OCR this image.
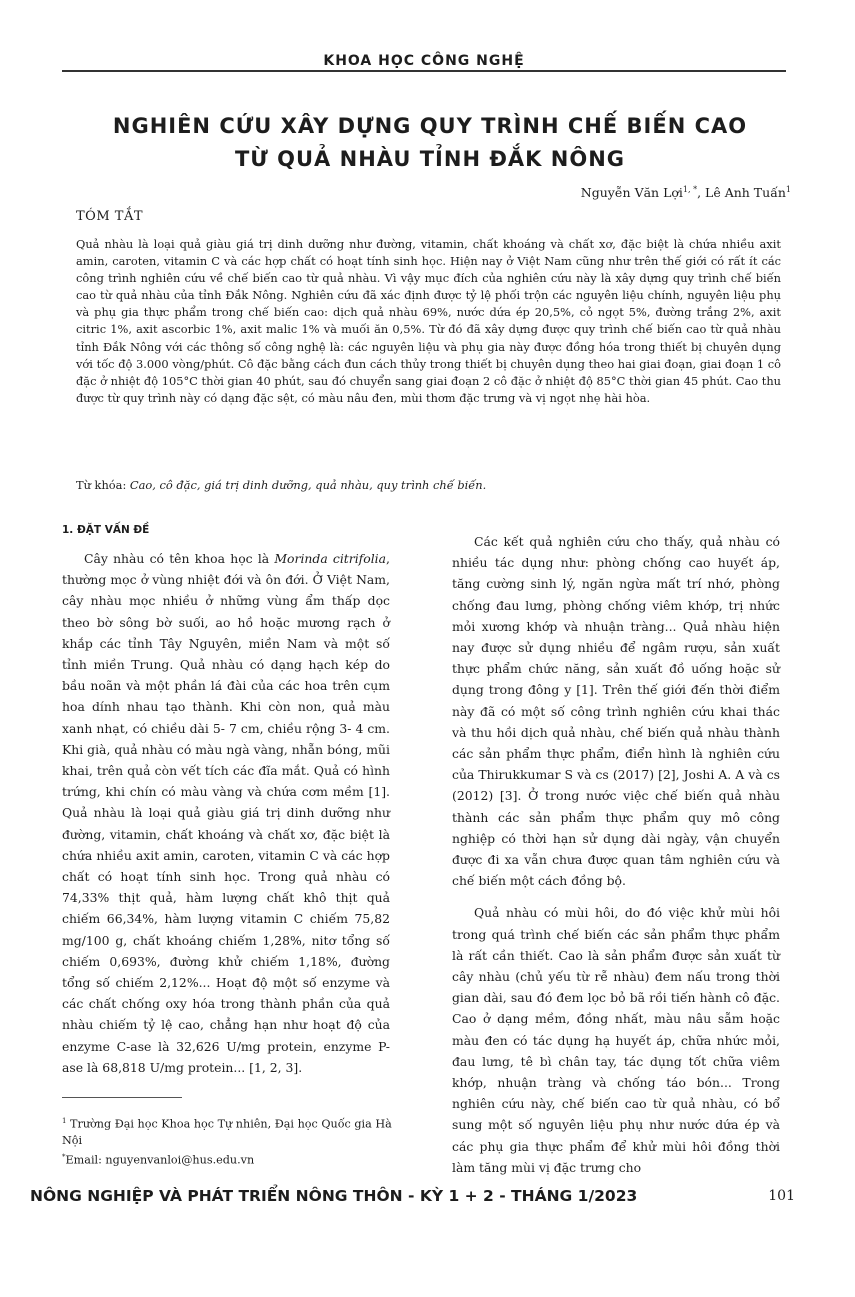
KHOA HỌC CÔNG NGHỆ
NGHIÊN CỨU XÂY DỰNG QUY TRÌNH CHẾ BIẾN CAO
TỪ QUẢ NHÀU TỈNH ĐẮK NÔNG
Nguyễn Văn Lợi$^{1, *}$, Lê Anh Tuấn$^1$
TÓM TẮT
Quả nhàu là loại quả giàu giá trị dinh dưỡng như đường, vitamin, chất khoáng và chất xơ, đặc biệt là chứa nhiều axit amin, caroten, vitamin C và các hợp chất có hoạt tính sinh học. Hiện nay ở Việt Nam cũng như trên thế giới có rất ít các công trình nghiên cứu về chế biến cao từ quả nhàu. Vì vậy mục đích của nghiên cứu này là xây dựng quy trình chế biến cao từ quả nhàu của tỉnh Đắk Nông. Nghiên cứu đã xác định được tỷ lệ phối trộn các nguyên liệu chính, nguyên liệu phụ và phụ gia thực phẩm trong chế biến cao: dịch quả nhàu 69%, nước dứa ép 20,5%, cỏ ngọt 5%, đường trắng 2%, axit citric 1%, axit ascorbic 1%, axit malic 1% và muối ăn 0,5%. Từ đó đã xây dựng được quy trình chế biến cao từ quả nhàu tỉnh Đắk Nông với các thông số công nghệ là: các nguyên liệu và phụ gia này được đồng hóa trong thiết bị chuyên dụng với tốc độ 3.000 vòng/phút. Cô đặc bằng cách đun cách thủy trong thiết bị chuyên dụng theo hai giai đoạn, giai đoạn 1 cô đặc ở nhiệt độ 105°C thời gian 40 phút, sau đó chuyển sang giai đoạn 2 cô đặc ở nhiệt độ 85°C thời gian 45 phút. Cao thu được từ quy trình này có dạng đặc sệt, có màu nâu đen, mùi thơm đặc trưng và vị ngọt nhẹ hài hòa.
Từ khóa: Cao, cô đặc, giá trị dinh dưỡng, quả nhàu, quy trình chế biến.
1. ĐẶT VẤN ĐỀ

Cây nhàu có tên khoa học là Morinda citrifolia, thường mọc ở vùng nhiệt đới và ôn đới. Ở Việt Nam, cây nhàu mọc nhiều ở những vùng ẩm thấp dọc theo bờ sông bờ suối, ao hồ hoặc mương rạch ở khắp các tỉnh Tây Nguyên, miền Nam và một số tỉnh miền Trung. Quả nhàu có dạng hạch kép do bầu noãn và một phần lá đài của các hoa trên cụm hoa dính nhau tạo thành. Khi còn non, quả màu xanh nhạt, có chiều dài 5- 7 cm, chiều rộng 3- 4 cm. Khi già, quả nhàu có màu ngà vàng, nhẵn bóng, mũi khai, trên quả còn vết tích các đĩa mắt. Quả có hình trứng, khi chín có màu vàng và chứa cơm mềm [1]. Quả nhàu là loại quả giàu giá trị dinh dưỡng như đường, vitamin, chất khoáng và chất xơ, đặc biệt là chứa nhiều axit amin, caroten, vitamin C và các hợp chất có hoạt tính sinh học. Trong quả nhàu có 74,33% thịt quả, hàm lượng chất khô thịt quả chiếm 66,34%, hàm lượng vitamin C chiếm 75,82 mg/100 g, chất khoáng chiếm 1,28%, nitơ tổng số chiếm 0,693%, đường khử chiếm 1,18%, đường tổng số chiếm 2,12%... Hoạt độ một số enzyme và các chất chống oxy hóa trong thành phần của quả nhàu chiếm tỷ lệ cao, chẳng hạn như hoạt độ của enzyme C-ase là 32,626 U/mg protein, enzyme P-ase là 68,818 U/mg protein... [1, 2, 3].

Các kết quả nghiên cứu cho thấy, quả nhàu có nhiều tác dụng như: phòng chống cao huyết áp, tăng cường sinh lý, ngăn ngừa mất trí nhớ, phòng chống đau lưng, phòng chống viêm khớp, trị nhức mỏi xương khớp và nhuận tràng... Quả nhàu hiện nay được sử dụng nhiều để ngâm rượu, sản xuất thực phẩm chức năng, sản xuất đồ uống hoặc sử dụng trong đông y [1]. Trên thế giới đến thời điểm này đã có một số công trình nghiên cứu khai thác và thu hồi dịch quả nhàu, chế biến quả nhàu thành các sản phẩm thực phẩm, điển hình là nghiên cứu của Thirukkumar S và cs (2017) [2], Joshi A. A và cs (2012) [3]. Ở trong nước việc chế biến quả nhàu thành các sản phẩm thực phẩm quy mô công nghiệp có thời hạn sử dụng dài ngày, vận chuyển được đi xa vẫn chưa được quan tâm nghiên cứu và chế biến một cách đồng bộ.

Quả nhàu có mùi hôi, do đó việc khử mùi hôi trong quá trình chế biến các sản phẩm thực phẩm là rất cần thiết. Cao là sản phẩm được sản xuất từ cây nhàu (chủ yếu từ rễ nhàu) đem nấu trong thời gian dài, sau đó đem lọc bỏ bã rồi tiến hành cô đặc. Cao ở dạng mềm, đồng nhất, màu nâu sẫm hoặc màu đen có tác dụng hạ huyết áp, chữa nhức mỏi, đau lưng, tê bì chân tay, tác dụng tốt chữa viêm khớp, nhuận tràng và chống táo bón... Trong nghiên cứu này, chế biến cao từ quả nhàu, có bổ sung một số nguyên liệu phụ như nước dứa ép và các phụ gia thực phẩm để khử mùi hôi đồng thời làm tăng mùi vị đặc trưng cho

$^1$ Trường Đại học Khoa học Tự nhiên, Đại học Quốc gia Hà Nội
*Email: nguyenvanloi@hus.edu.vn
NÔNG NGHIỆP VÀ PHÁT TRIỂN NÔNG THÔN - KỲ 1 + 2 - THÁNG 1/2023	101
